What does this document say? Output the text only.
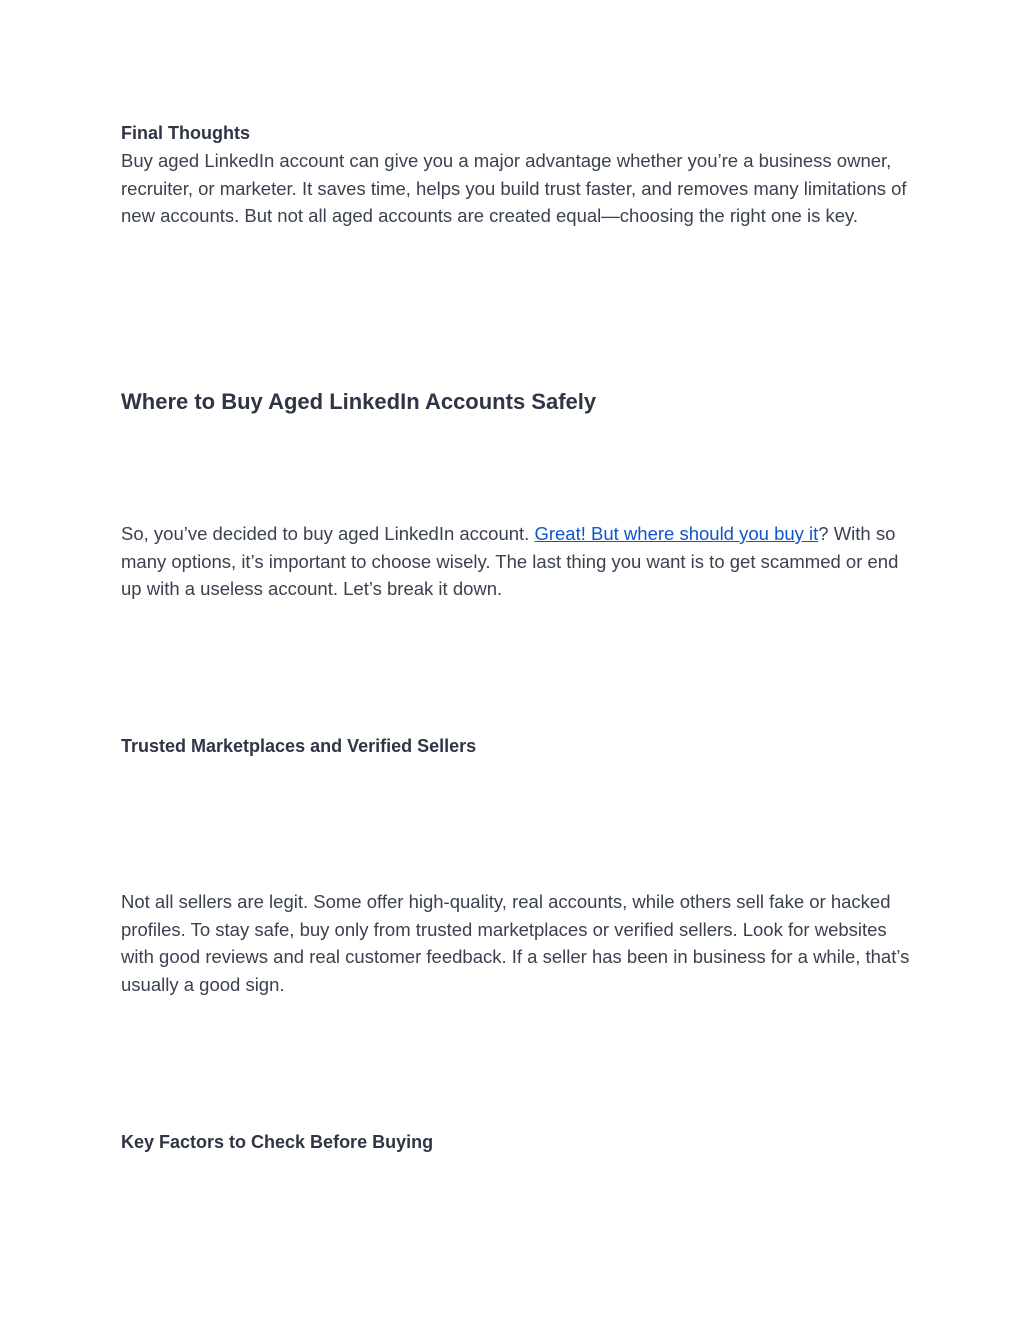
Final Thoughts

Buy aged LinkedIn account can give you a major advantage whether you’re a business owner, recruiter, or marketer. It saves time, helps you build trust faster, and removes many limitations of new accounts. But not all aged accounts are created equal—choosing the right one is key.

Where to Buy Aged LinkedIn Accounts Safely

So, you’ve decided to buy aged LinkedIn account. Great! But where should you buy it? With so many options, it’s important to choose wisely. The last thing you want is to get scammed or end up with a useless account. Let’s break it down.

Trusted Marketplaces and Verified Sellers

Not all sellers are legit. Some offer high-quality, real accounts, while others sell fake or hacked profiles. To stay safe, buy only from trusted marketplaces or verified sellers. Look for websites with good reviews and real customer feedback. If a seller has been in business for a while, that’s usually a good sign.

Key Factors to Check Before Buying
